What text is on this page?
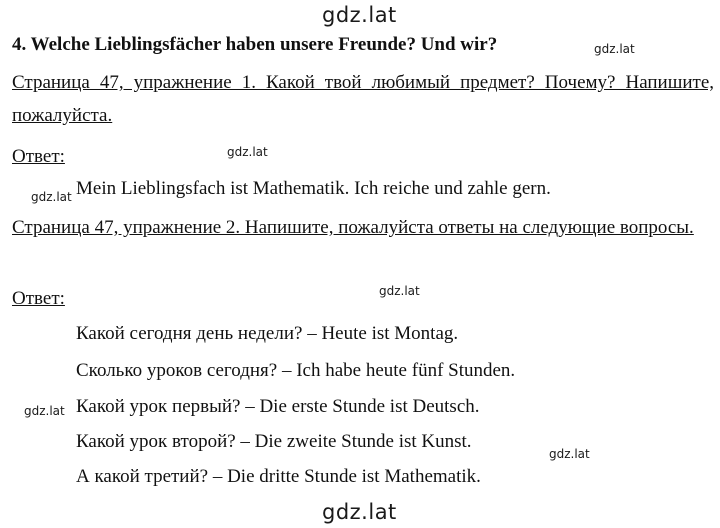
gdz.lat
gdz.lat
4. Welche Lieblingsfächer haben unsere Freunde? Und wir?
Страница 47, упражнение 1. Какой твой любимый предмет? Почему? Напишите, пожалуйста.
Ответ:	gdz.lat
gdz.lat Mein Lieblingsfach ist Mathematik. Ich reiche und zahle gern.
Страница 47, упражнение 2. Напишите, пожалуйста ответы на следующие вопросы.
Ответ:	gdz.lat
Какой сегодня день недели? – Heute ist Montag.
Сколько уроков сегодня? – Ich habe heute fünf Stunden.
gdz.lat Какой урок первый? – Die erste Stunde ist Deutsch.
Какой урок второй? – Die zweite Stunde ist Kunst.
gdz.lat
А какой третий? – Die dritte Stunde ist Mathematik.
gdz.lat
